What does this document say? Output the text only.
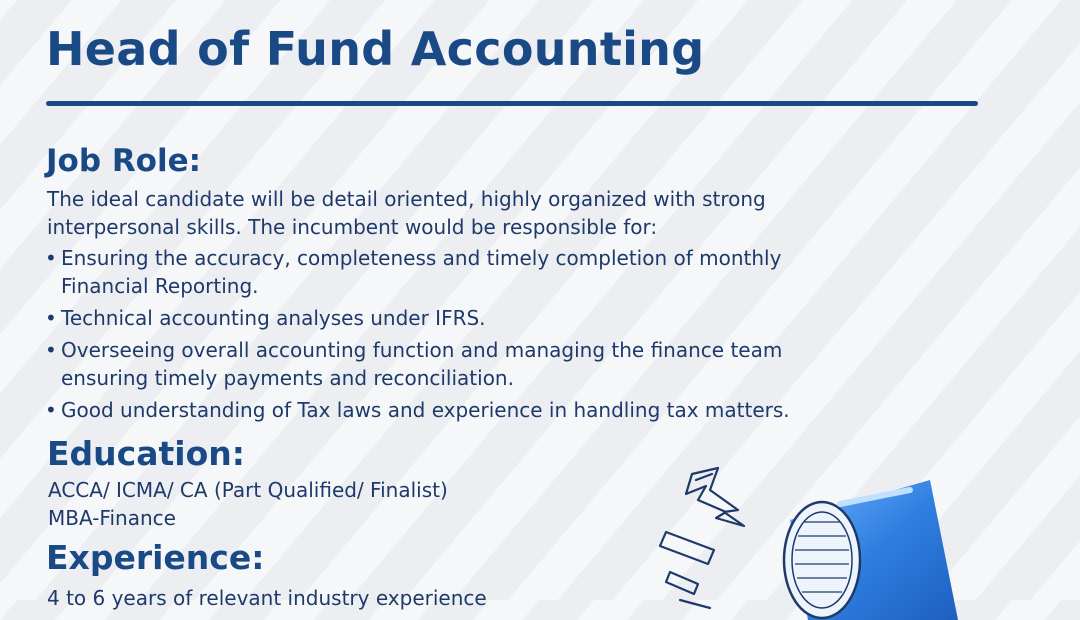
Head of Fund Accounting
Job Role:

The ideal candidate will be detail oriented, highly organized with strong
interpersonal skills. The incumbent would be responsible for:

• Ensuring the accuracy, completeness and timely completion of monthly
Financial Reporting.
• Technical accounting analyses under IFRS.
• Overseeing overall accounting function and managing the finance team
ensuring timely payments and reconciliation.
• Good understanding of Tax laws and experience in handling tax matters.
Education:

ACCA/ ICMA/ CA (Part Qualified/ Finalist)
MBA-Finance

Experience:

4 to 6 years of relevant industry experience
